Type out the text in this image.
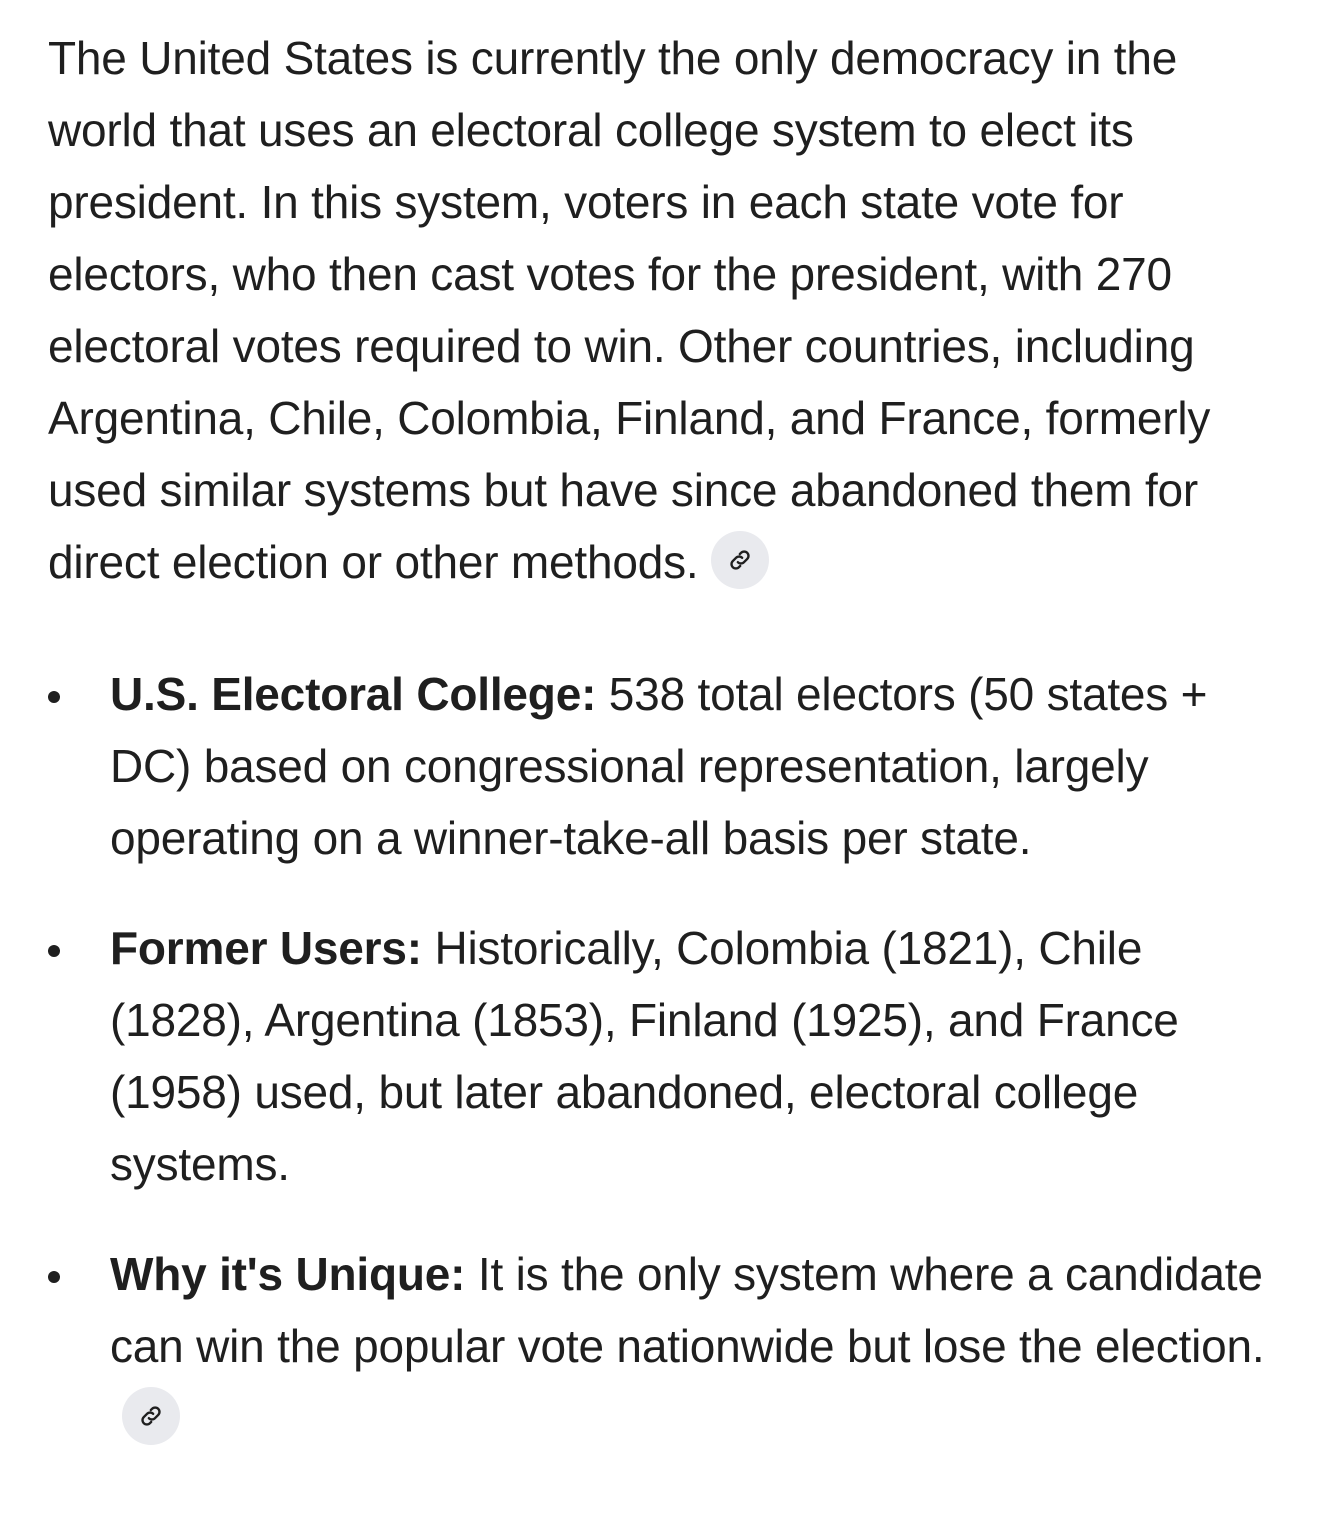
The United States is currently the only democracy in the world that uses an electoral college system to elect its president. In this system, voters in each state vote for electors, who then cast votes for the president, with 270 electoral votes required to win. Other countries, including Argentina, Chile, Colombia, Finland, and France, formerly used similar systems but have since abandoned them for direct election or other methods.

U.S. Electoral College: 538 total electors (50 states + DC) based on congressional representation, largely operating on a winner-take-all basis per state.
Former Users: Historically, Colombia (1821), Chile (1828), Argentina (1853), Finland (1925), and France (1958) used, but later abandoned, electoral college systems.
Why it's Unique: It is the only system where a candidate can win the popular vote nationwide but lose the election.
